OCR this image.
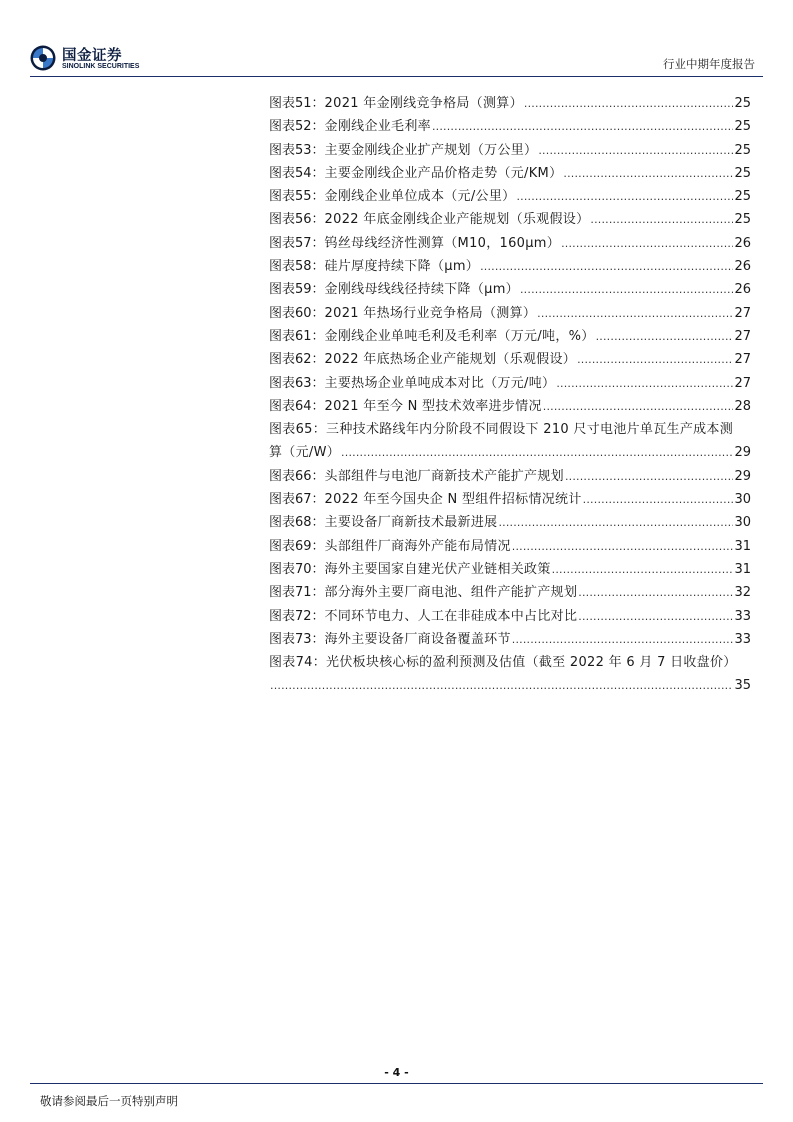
国金证券
SINOLINK SECURITIES	行业中期年度报告
图表51： 2021 年金刚线竞争格局（测算） .....	25
图表52： 金刚线企业毛利率 .....	25
图表53： 主要金刚线企业扩产规划（万公里） .....	25
图表54： 主要金刚线企业产品价格走势（元/KM） .....	25
图表55： 金刚线企业单位成本（元/公里） .....	25
图表56： 2022 年底金刚线企业产能规划（乐观假设） .....	25
图表57： 钨丝母线经济性测算（M10，160μm） .....	26
图表58： 硅片厚度持续下降（μm） .....	26
图表59： 金刚线母线线径持续下降（μm） .....	26
图表60： 2021 年热场行业竞争格局（测算） .....	27
图表61： 金刚线企业单吨毛利及毛利率（万元/吨，%） .....	27
图表62： 2022 年底热场企业产能规划（乐观假设） .....	27
图表63： 主要热场企业单吨成本对比（万元/吨） .....	27
图表64： 2021 年至今 N 型技术效率进步情况 .....	28
图表65：三种技术路线年内分阶段不同假设下 210 尺寸电池片单瓦生产成本测
算（元/W） .....	29
图表66： 头部组件与电池厂商新技术产能扩产规划 .....	29
图表67： 2022 年至今国央企 N 型组件招标情况统计 .....	30
图表68： 主要设备厂商新技术最新进展 .....	30
图表69： 头部组件厂商海外产能布局情况 .....	31
图表70： 海外主要国家自建光伏产业链相关政策 .....	31
图表71： 部分海外主要厂商电池、组件产能扩产规划 .....	32
图表72： 不同环节电力、人工在非硅成本中占比对比 .....	33
图表73： 海外主要设备厂商设备覆盖环节 .....	33
图表74：光伏板块核心标的盈利预测及估值（截至 2022 年 6 月 7 日收盘价）
.....
35
- 4 -
敬请参阅最后一页特别声明
